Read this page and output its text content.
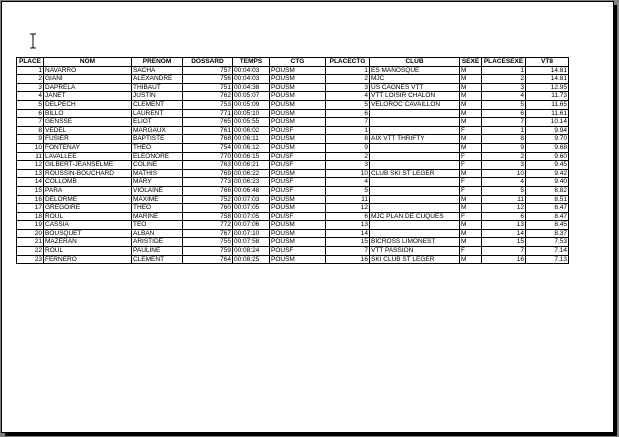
PLACE	NOM	PRENOM	DOSSARD	TEMPS	CTG	PLACECTG	CLUB	SEXE	PLACESEXE	VT8
1	NAVARRO	SACHA	757	00:04:03	POUSM	1	ES MANOSQUE	M	1	14.81
2	GIANI	ALEXANDRE	756	00:04:03	POUSM	2	MJC	M	2	14.81
3	DAPRELA	THIBAUT	751	00:04:38	POUSM	3	US CAGNES VTT	M	3	12.95
4	JANET	JUSTIN	762	00:05:07	POUSM	4	VTT LOISIR CHALON	M	4	11.73
5	DELPECH	CLEMENT	753	00:05:09	POUSM	5	VELOROC CAVAILLON	M	5	11.65
6	BILLO	LAURENT	771	00:05:10	POUSM	6		M	6	11.61
7	GENSSE	ELIOT	765	00:05:55	POUSM	7		M	7	10.14
8	VEDEL	MARGAUX	761	00:06:02	POUSF	1		F	1	9.94
9	FUSIER	BAPTISTE	768	00:06:11	POUSM	8	AIX VTT THRIFTY	M	8	9.70
10	FONTENAY	THEO	754	00:06:12	POUSM	9		M	9	9.68
11	LAVALLEE	ELEONORE	770	00:06:15	POUSF	2		F	2	9.60
12	GILBERT-JEANSELME	COLINE	763	00:06:21	POUSF	3		F	3	9.45
13	ROUSSIN-BOUCHARD	MATHIS	769	00:06:22	POUSM	10	CLUB SKI ST LEGER	M	10	9.42
14	COLLOMB	MARY	773	00:06:23	POUSF	4		F	4	9.40
15	PARA	VIOLAINE	766	00:06:48	POUSF	5		F	5	8.82
16	DELORME	MAXIME	752	00:07:03	POUSM	11		M	11	8.51
17	GREGOIRE	THEO	760	00:07:05	POUSM	12		M	12	8.47
18	ROUL	MARINE	758	00:07:05	POUSF	6	MJC PLAN DE CUQUES	F	6	8.47
19	CASSIA	TEO	772	00:07:06	POUSM	13		M	13	8.45
20	BOUSQUET	ALBAN	767	00:07:10	POUSM	14		M	14	8.37
21	MAZERAN	ARISTIDE	755	00:07:58	POUSM	15	BICROSS LIMONEST	M	15	7.53
22	ROUL	PAULINE	759	00:08:24	POUSF	7	VTT PASSION	F	7	7.14
23	FERNERO	CLEMENT	764	00:08:25	POUSM	16	SKI CLUB ST LEGER	M	16	7.13
